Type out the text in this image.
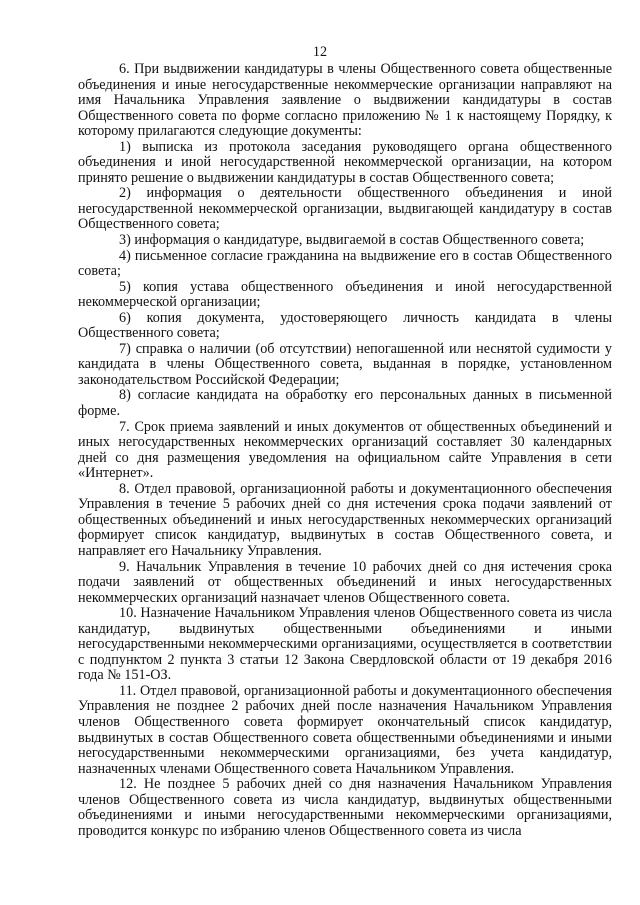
12

6. При выдвижении кандидатуры в члены Общественного совета общественные объединения и иные негосударственные некоммерческие организации направляют на имя Начальника Управления заявление о выдвижении кандидатуры в состав Общественного совета по форме согласно приложению № 1 к настоящему Порядку, к которому прилагаются следующие документы:

1) выписка из протокола заседания руководящего органа общественного объединения и иной негосударственной некоммерческой организации, на котором принято решение о выдвижении кандидатуры в состав Общественного совета;

2) информация о деятельности общественного объединения и иной негосударственной некоммерческой организации, выдвигающей кандидатуру в состав Общественного совета;

3) информация о кандидатуре, выдвигаемой в состав Общественного совета;

4) письменное согласие гражданина на выдвижение его в состав Общественного совета;

5) копия устава общественного объединения и иной негосударственной некоммерческой организации;

6) копия документа, удостоверяющего личность кандидата в члены Общественного совета;

7) справка о наличии (об отсутствии) непогашенной или неснятой судимости у кандидата в члены Общественного совета, выданная в порядке, установленном законодательством Российской Федерации;

8) согласие кандидата на обработку его персональных данных в письменной форме.

7. Срок приема заявлений и иных документов от общественных объединений и иных негосударственных некоммерческих организаций составляет 30 календарных дней со дня размещения уведомления на официальном сайте Управления в сети «Интернет».

8. Отдел правовой, организационной работы и документационного обеспечения Управления в течение 5 рабочих дней со дня истечения срока подачи заявлений от общественных объединений и иных негосударственных некоммерческих организаций формирует список кандидатур, выдвинутых в состав Общественного совета, и направляет его Начальнику Управления.

9. Начальник Управления в течение 10 рабочих дней со дня истечения срока подачи заявлений от общественных объединений и иных негосударственных некоммерческих организаций назначает членов Общественного совета.

10. Назначение Начальником Управления членов Общественного совета из числа кандидатур, выдвинутых общественными объединениями и иными негосударственными некоммерческими организациями, осуществляется в соответствии с подпунктом 2 пункта 3 статьи 12 Закона Свердловской области от 19 декабря 2016 года № 151-ОЗ.

11. Отдел правовой, организационной работы и документационного обеспечения Управления не позднее 2 рабочих дней после назначения Начальником Управления членов Общественного совета формирует окончательный список кандидатур, выдвинутых в состав Общественного совета общественными объединениями и иными негосударственными некоммерческими организациями, без учета кандидатур, назначенных членами Общественного совета Начальником Управления.

12. Не позднее 5 рабочих дней со дня назначения Начальником Управления членов Общественного совета из числа кандидатур, выдвинутых общественными объединениями и иными негосударственными некоммерческими организациями, проводится конкурс по избранию членов Общественного совета из числа
